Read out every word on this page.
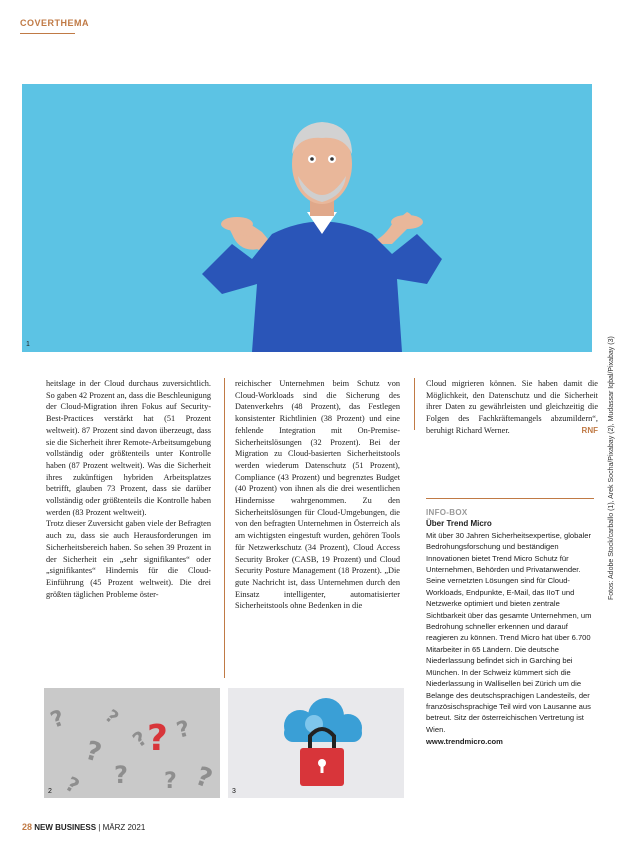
COVERTHEMA
1

heitslage in der Cloud durchaus zuversichtlich. So gaben 42 Prozent an, dass die Beschleunigung der Cloud-Migration ihren Fokus auf Security-Best-Practices verstärkt hat (51 Prozent weltweit). 87 Prozent sind davon überzeugt, dass sie die Sicherheit ihrer Remote-Arbeitsumgebung vollständig oder größtenteils unter Kontrolle haben (87 Prozent weltweit). Was die Sicherheit ihres zukünftigen hybriden Arbeitsplatzes betrifft, glauben 73 Prozent, dass sie darüber vollständig oder größtenteils die Kontrolle haben werden (83 Prozent weltweit).

Trotz dieser Zuversicht gaben viele der Befragten auch zu, dass sie auch Herausforderungen im Sicherheitsbereich haben. So sehen 39 Prozent in der Sicherheit ein „sehr signifikantes“ oder „signifikantes“ Hindernis für die Cloud-Einführung (45 Prozent weltweit). Die drei größten täglichen Probleme öster-

reichischer Unternehmen beim Schutz von Cloud-Workloads sind die Sicherung des Datenverkehrs (48 Prozent), das Festlegen konsistenter Richtlinien (38 Prozent) und eine fehlende Integration mit On-Premise-Sicherheitslösungen (32 Prozent). Bei der Migration zu Cloud-basierten Sicherheitstools werden wiederum Datenschutz (51 Prozent), Compliance (43 Prozent) und begrenztes Budget (40 Prozent) von ihnen als die drei wesentlichen Hindernisse wahrgenommen. Zu den Sicherheitslösungen für Cloud-Umgebungen, die von den befragten Unternehmen in Österreich als am wichtigsten eingestuft wurden, gehören Tools für Netzwerkschutz (34 Prozent), Cloud Access Security Broker (CASB, 19 Prozent) und Cloud Security Posture Management (18 Prozent). „Die gute Nachricht ist, dass Unternehmen durch den Einsatz intelligenter, automatisierter Sicherheitstools ohne Bedenken in die

Cloud migrieren können. Sie haben damit die Möglichkeit, den Datenschutz und die Sicherheit ihrer Daten zu gewährleisten und gleichzeitig die Folgen des Fachkräftemangels abzumildern“, beruhigt Richard Werner.	RNF

INFO-BOX
Über Trend Micro
Mit über 30 Jahren Sicherheitsexpertise, globaler Bedrohungsforschung und beständigen Innovationen bietet Trend Micro Schutz für Unternehmen, Behörden und Privatanwender. Seine vernetzten Lösungen sind für Cloud-Workloads, Endpunkte, E-Mail, das IIoT und Netzwerke optimiert und bieten zentrale Sichtbarkeit über das gesamte Unternehmen, um Bedrohung schneller erkennen und darauf reagieren zu können. Trend Micro hat über 6.700 Mitarbeiter in 65 Ländern. Die deutsche Niederlassung befindet sich in Garching bei München. In der Schweiz kümmert sich die Niederlassung in Wallisellen bei Zürich um die Belange des deutschsprachigen Landesteils, der französischsprachige Teil wird von Lausanne aus betreut. Sitz der österreichischen Vertretung ist Wien.
www.trendmicro.com
Fotos: Adobe Stock/carballo (1), Arek Socha/Pixabay (2), Mudassar Iqbal/Pixabay (3)
?
?
?
?
?
?
?
?
?
?
2	3
28 NEW BUSINESS | MÄRZ 2021
